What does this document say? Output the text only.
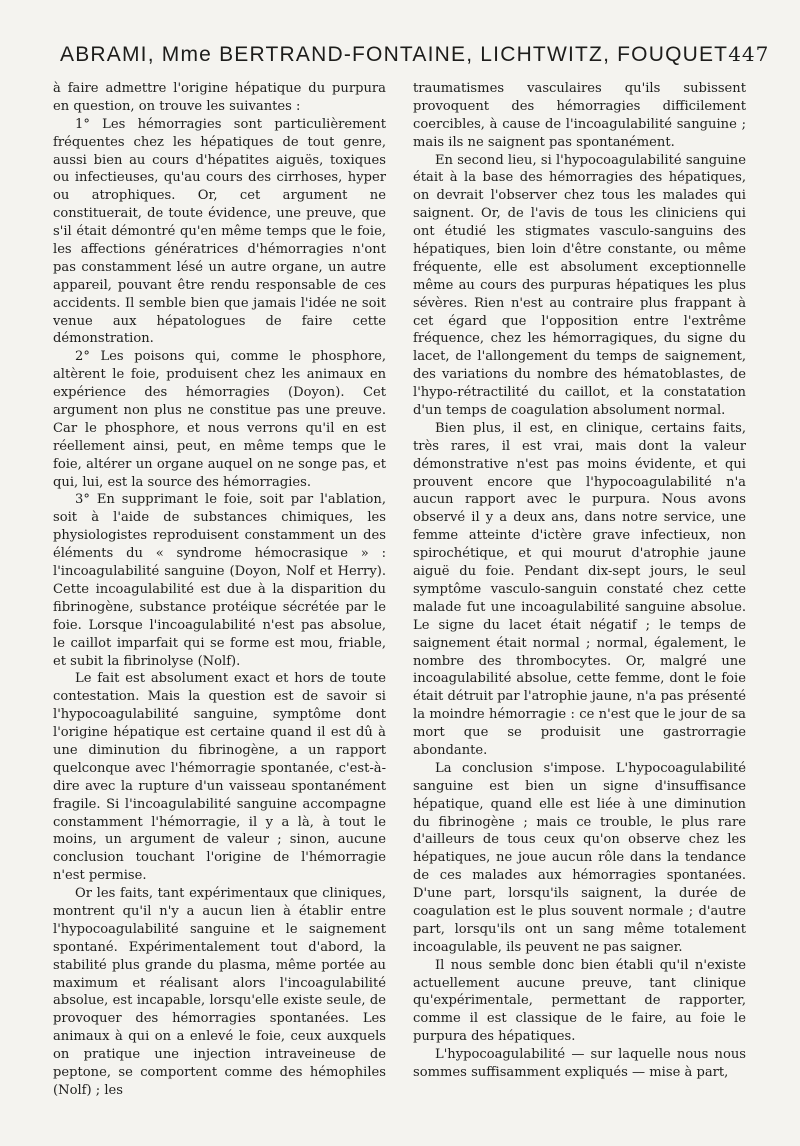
ABRAMI, Mme BERTRAND-FONTAINE, LICHTWITZ, FOUQUET 447

à faire admettre l'origine hépatique du purpura en question, on trouve les suivantes :

1° Les hémorragies sont particulièrement fréquentes chez les hépatiques de tout genre, aussi bien au cours d'hépatites aiguës, toxiques ou infectieuses, qu'au cours des cirrhoses, hyper ou atrophiques. Or, cet argument ne constituerait, de toute évidence, une preuve, que s'il était démontré qu'en même temps que le foie, les affections génératrices d'hémorragies n'ont pas constamment lésé un autre organe, un autre appareil, pouvant être rendu responsable de ces accidents. Il semble bien que jamais l'idée ne soit venue aux hépatologues de faire cette démonstration.

2° Les poisons qui, comme le phosphore, altèrent le foie, produisent chez les animaux en expérience des hémorragies (Doyon). Cet argument non plus ne constitue pas une preuve. Car le phosphore, et nous verrons qu'il en est réellement ainsi, peut, en même temps que le foie, altérer un organe auquel on ne songe pas, et qui, lui, est la source des hémorragies.

3° En supprimant le foie, soit par l'ablation, soit à l'aide de substances chimiques, les physiologistes reproduisent constamment un des éléments du « syndrome hémocrasique » : l'incoagulabilité sanguine (Doyon, Nolf et Herry). Cette incoagulabilité est due à la disparition du fibrinogène, substance protéique sécrétée par le foie. Lorsque l'incoagulabilité n'est pas absolue, le caillot imparfait qui se forme est mou, friable, et subit la fibrinolyse (Nolf).

Le fait est absolument exact et hors de toute contestation. Mais la question est de savoir si l'hypocoagulabilité sanguine, symptôme dont l'origine hépatique est certaine quand il est dû à une diminution du fibrinogène, a un rapport quelconque avec l'hémorragie spontanée, c'est-à-dire avec la rupture d'un vaisseau spontanément fragile. Si l'incoagulabilité sanguine accompagne constamment l'hémorragie, il y a là, à tout le moins, un argument de valeur ; sinon, aucune conclusion touchant l'origine de l'hémorragie n'est permise.

Or les faits, tant expérimentaux que cliniques, montrent qu'il n'y a aucun lien à établir entre l'hypocoagulabilité sanguine et le saignement spontané. Expérimentalement tout d'abord, la stabilité plus grande du plasma, même portée au maximum et réalisant alors l'incoagulabilité absolue, est incapable, lorsqu'elle existe seule, de provoquer des hémorragies spontanées. Les animaux à qui on a enlevé le foie, ceux auxquels on pratique une injection intraveineuse de peptone, se comportent comme des hémophiles (Nolf) ; les

traumatismes vasculaires qu'ils subissent provoquent des hémorragies difficilement coercibles, à cause de l'incoagulabilité sanguine ; mais ils ne saignent pas spontanément.

En second lieu, si l'hypocoagulabilité sanguine était à la base des hémorragies des hépatiques, on devrait l'observer chez tous les malades qui saignent. Or, de l'avis de tous les cliniciens qui ont étudié les stigmates vasculo-sanguins des hépatiques, bien loin d'être constante, ou même fréquente, elle est absolument exceptionnelle même au cours des purpuras hépatiques les plus sévères. Rien n'est au contraire plus frappant à cet égard que l'opposition entre l'extrême fréquence, chez les hémorragiques, du signe du lacet, de l'allongement du temps de saignement, des variations du nombre des hématoblastes, de l'hypo-rétractilité du caillot, et la constatation d'un temps de coagulation absolument normal.

Bien plus, il est, en clinique, certains faits, très rares, il est vrai, mais dont la valeur démonstrative n'est pas moins évidente, et qui prouvent encore que l'hypocoagulabilité n'a aucun rapport avec le purpura. Nous avons observé il y a deux ans, dans notre service, une femme atteinte d'ictère grave infectieux, non spirochétique, et qui mourut d'atrophie jaune aiguë du foie. Pendant dix-sept jours, le seul symptôme vasculo-sanguin constaté chez cette malade fut une incoagulabilité sanguine absolue. Le signe du lacet était négatif ; le temps de saignement était normal ; normal, également, le nombre des thrombocytes. Or, malgré une incoagulabilité absolue, cette femme, dont le foie était détruit par l'atrophie jaune, n'a pas présenté la moindre hémorragie : ce n'est que le jour de sa mort que se produisit une gastrorragie abondante.

La conclusion s'impose. L'hypocoagulabilité sanguine est bien un signe d'insuffisance hépatique, quand elle est liée à une diminution du fibrinogène ; mais ce trouble, le plus rare d'ailleurs de tous ceux qu'on observe chez les hépatiques, ne joue aucun rôle dans la tendance de ces malades aux hémorragies spontanées. D'une part, lorsqu'ils saignent, la durée de coagulation est le plus souvent normale ; d'autre part, lorsqu'ils ont un sang même totalement incoagulable, ils peuvent ne pas saigner.

Il nous semble donc bien établi qu'il n'existe actuellement aucune preuve, tant clinique qu'expérimentale, permettant de rapporter, comme il est classique de le faire, au foie le purpura des hépatiques.

L'hypocoagulabilité — sur laquelle nous nous sommes suffisamment expliqués — mise à part,
